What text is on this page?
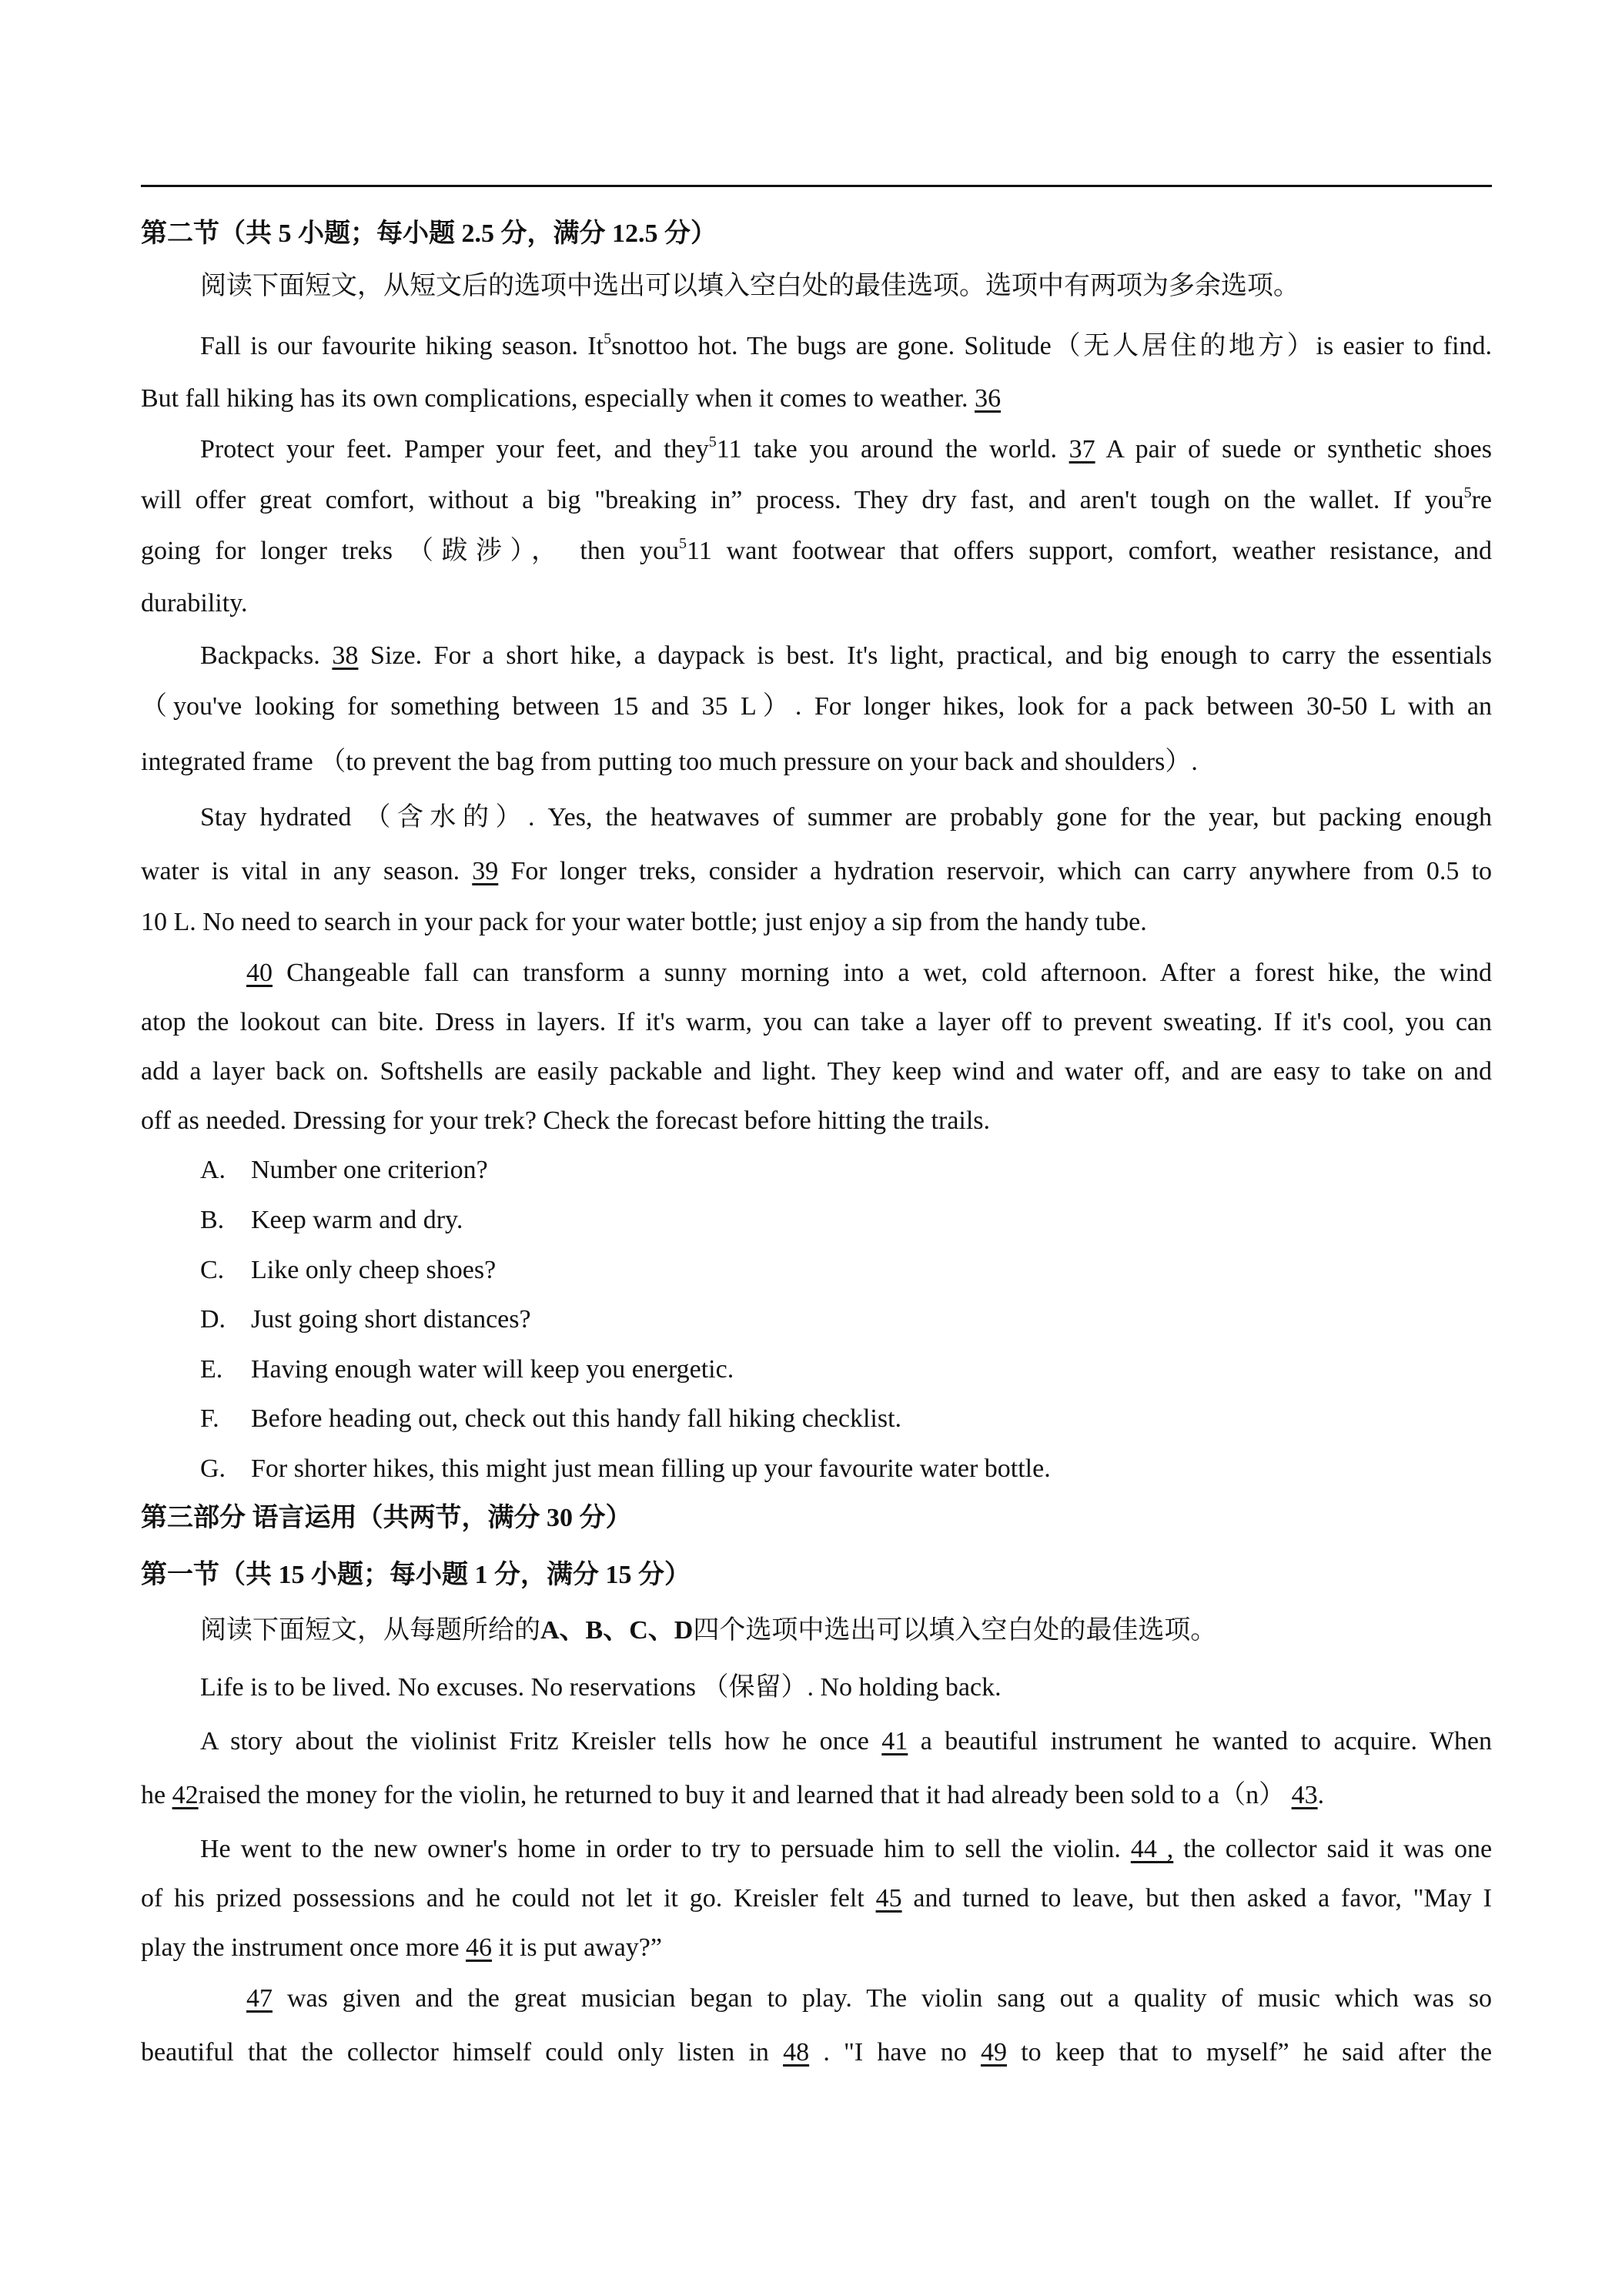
第二节（共 5 小题；每小题 2.5 分，满分 12.5 分）
阅读下面短文，从短文后的选项中选出可以填入空白处的最佳选项。选项中有两项为多余选项。
Fall is our favourite hiking season. It$^5$snottoo hot. The bugs are gone. Solitude（无人居住的地方）is easier to find.
But fall hiking has its own complications, especially when it comes to weather. 36
Protect your feet. Pamper your feet, and they$^5$11 take you around the world. 37 A pair of suede or synthetic shoes
will offer great comfort, without a big "breaking in” process. They dry fast, and aren't tough on the wallet. If you$^5$re
going for longer treks （跋涉）， then you$^5$11 want footwear that offers support, comfort, weather resistance, and
durability.
Backpacks. 38 Size. For a short hike, a daypack is best. It's light, practical, and big enough to carry the essentials
（you've looking for something between 15 and 35 L）. For longer hikes, look for a pack between 30-50 L with an
integrated frame （to prevent the bag from putting too much pressure on your back and shoulders）.
Stay hydrated （含水的）. Yes, the heatwaves of summer are probably gone for the year, but packing enough
water is vital in any season. 39 For longer treks, consider a hydration reservoir, which can carry anywhere from 0.5 to
10 L. No need to search in your pack for your water bottle; just enjoy a sip from the handy tube.
40 Changeable fall can transform a sunny morning into a wet, cold afternoon. After a forest hike, the wind
atop the lookout can bite. Dress in layers. If it's warm, you can take a layer off to prevent sweating. If it's cool, you can
add a layer back on. Softshells are easily packable and light. They keep wind and water off, and are easy to take on and
off as needed. Dressing for your trek? Check the forecast before hitting the trails.
A. Number one criterion?
B. Keep warm and dry.
C. Like only cheep shoes?
D. Just going short distances?
E. Having enough water will keep you energetic.
F. Before heading out, check out this handy fall hiking checklist.
G. For shorter hikes, this might just mean filling up your favourite water bottle.
第三部分 语言运用（共两节，满分 30 分）
第一节（共 15 小题；每小题 1 分，满分 15 分）
阅读下面短文，从每题所给的A、B、C、D四个选项中选出可以填入空白处的最佳选项。
Life is to be lived. No excuses. No reservations （保留）. No holding back.
A story about the violinist Fritz Kreisler tells how he once 41 a beautiful instrument he wanted to acquire. When
he 42raised the money for the violin, he returned to buy it and learned that it had already been sold to a（n） 43.
He went to the new owner's home in order to try to persuade him to sell the violin. 44 , the collector said it was one
of his prized possessions and he could not let it go. Kreisler felt 45 and turned to leave, but then asked a favor, "May I
play the instrument once more 46 it is put away?”
47 was given and the great musician began to play. The violin sang out a quality of music which was so
beautiful that the collector himself could only listen in 48 . "I have no 49 to keep that to myself” he said after the
